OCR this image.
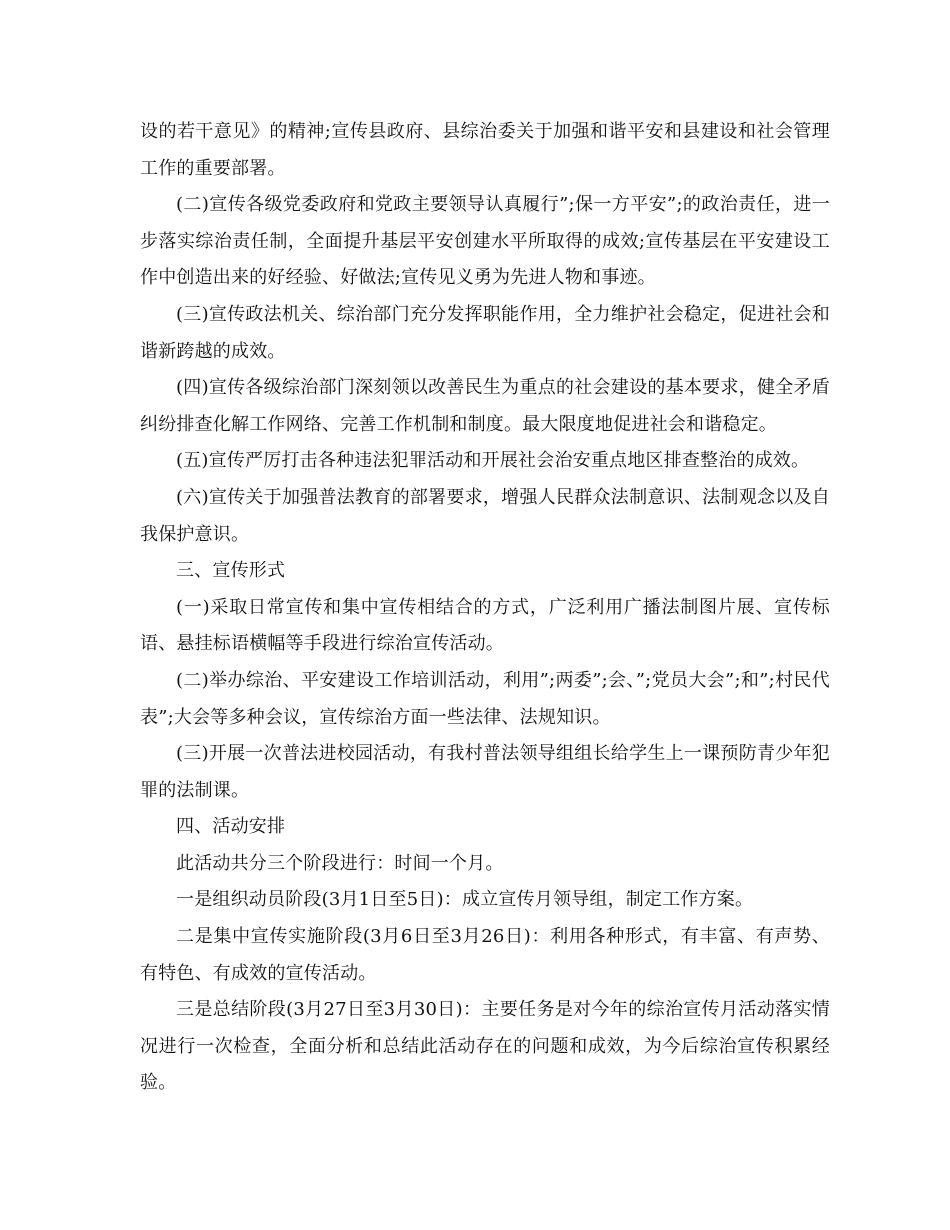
设的若干意见》的精神;宣传县政府、县综治委关于加强和谐平安和县建设和社会管理工作的重要部署。

(二)宣传各级党委政府和党政主要领导认真履行”;保一方平安”;的政治责任，进一步落实综治责任制，全面提升基层平安创建水平所取得的成效;宣传基层在平安建设工作中创造出来的好经验、好做法;宣传见义勇为先进人物和事迹。

(三)宣传政法机关、综治部门充分发挥职能作用，全力维护社会稳定，促进社会和谐新跨越的成效。

(四)宣传各级综治部门深刻领以改善民生为重点的社会建设的基本要求，健全矛盾纠纷排查化解工作网络、完善工作机制和制度。最大限度地促进社会和谐稳定。

(五)宣传严厉打击各种违法犯罪活动和开展社会治安重点地区排查整治的成效。

(六)宣传关于加强普法教育的部署要求，增强人民群众法制意识、法制观念以及自我保护意识。

三、宣传形式

(一)采取日常宣传和集中宣传相结合的方式，广泛利用广播法制图片展、宣传标语、悬挂标语横幅等手段进行综治宣传活动。

(二)举办综治、平安建设工作培训活动，利用”;两委”;会、”;党员大会”;和”;村民代表”;大会等多种会议，宣传综治方面一些法律、法规知识。

(三)开展一次普法进校园活动，有我村普法领导组组长给学生上一课预防青少年犯罪的法制课。

四、活动安排

此活动共分三个阶段进行：时间一个月。

一是组织动员阶段(3月1日至5日)：成立宣传月领导组，制定工作方案。

二是集中宣传实施阶段(3月6日至3月26日)：利用各种形式，有丰富、有声势、有特色、有成效的宣传活动。

三是总结阶段(3月27日至3月30日)：主要任务是对今年的综治宣传月活动落实情况进行一次检查，全面分析和总结此活动存在的问题和成效，为今后综治宣传积累经验。
